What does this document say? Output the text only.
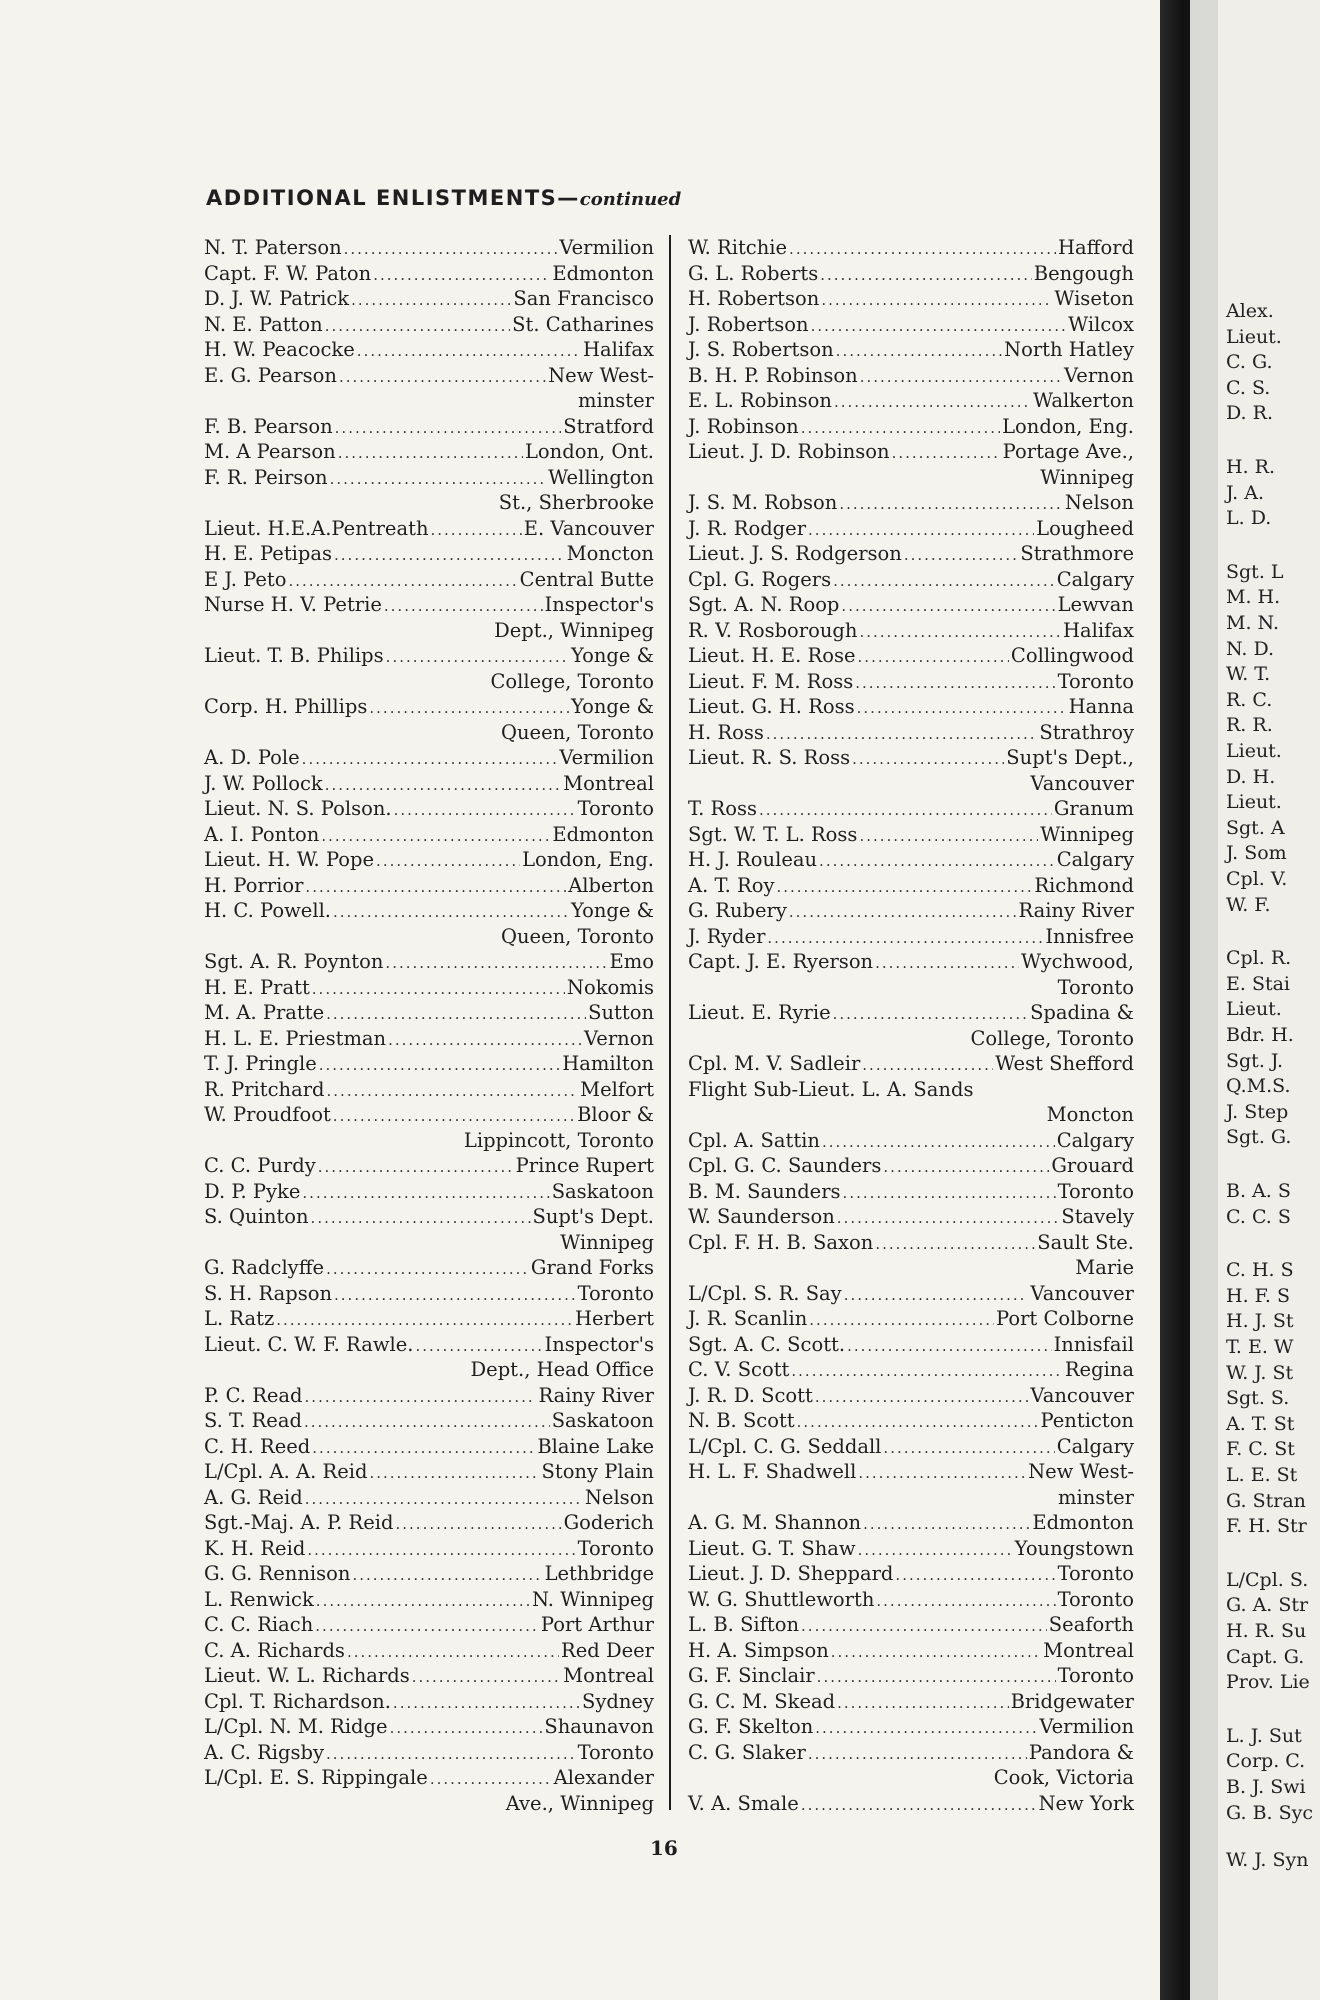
ADDITIONAL ENLISTMENTS—continued
N. T. Paterson .....	Vermilion
Capt. F. W. Paton .....	Edmonton
D. J. W. Patrick .....	San Francisco
N. E. Patton .....	St. Catharines
H. W. Peacocke .....	Halifax
E. G. Pearson .....	New West-
minster
F. B. Pearson .....	Stratford
M. A Pearson .....	London, Ont.
F. R. Peirson .....	Wellington
St., Sherbrooke
Lieut. H.E.A.Pentreath .....	E. Vancouver
H. E. Petipas .....	Moncton
E J. Peto .....	Central Butte
Nurse H. V. Petrie .....	Inspector's
Dept., Winnipeg
Lieut. T. B. Philips .....	Yonge &
College, Toronto
Corp. H. Phillips .....	Yonge &
Queen, Toronto
A. D. Pole .....	Vermilion
J. W. Pollock .....	Montreal
Lieut. N. S. Polson. .....	Toronto
A. I. Ponton .....	Edmonton
Lieut. H. W. Pope .....	London, Eng.
H. Porrior .....	Alberton
H. C. Powell. .....	Yonge &
Queen, Toronto
Sgt. A. R. Poynton .....	Emo
H. E. Pratt .....	Nokomis
M. A. Pratte .....	Sutton
H. L. E. Priestman .....	Vernon
T. J. Pringle .....	Hamilton
R. Pritchard .....	Melfort
W. Proudfoot .....	Bloor &
Lippincott, Toronto
C. C. Purdy .....	Prince Rupert
D. P. Pyke .....	Saskatoon
S. Quinton .....	Supt's Dept.
Winnipeg
G. Radclyffe .....	Grand Forks
S. H. Rapson .....	Toronto
L. Ratz .....	Herbert
Lieut. C. W. F. Rawle. .....	Inspector's
Dept., Head Office
P. C. Read .....	Rainy River
S. T. Read .....	Saskatoon
C. H. Reed .....	Blaine Lake
L/Cpl. A. A. Reid .....	Stony Plain
A. G. Reid .....	Nelson
Sgt.-Maj. A. P. Reid .....	Goderich
K. H. Reid .....	Toronto
G. G. Rennison .....	Lethbridge
L. Renwick .....	N. Winnipeg
C. C. Riach .....	Port Arthur
C. A. Richards .....	Red Deer
Lieut. W. L. Richards .....	Montreal
Cpl. T. Richardson. .....	Sydney
L/Cpl. N. M. Ridge .....	Shaunavon
A. C. Rigsby .....	Toronto
L/Cpl. E. S. Rippingale .....	Alexander
Ave., Winnipeg
W. Ritchie .....	Hafford
G. L. Roberts .....	Bengough
H. Robertson .....	Wiseton
J. Robertson .....	Wilcox
J. S. Robertson .....	North Hatley
B. H. P. Robinson .....	Vernon
E. L. Robinson .....	Walkerton
J. Robinson .....	London, Eng.
Lieut. J. D. Robinson .....	Portage Ave.,
Winnipeg
J. S. M. Robson .....	Nelson
J. R. Rodger .....	Lougheed
Lieut. J. S. Rodgerson .....	Strathmore
Cpl. G. Rogers .....	Calgary
Sgt. A. N. Roop .....	Lewvan
R. V. Rosborough .....	Halifax
Lieut. H. E. Rose .....	Collingwood
Lieut. F. M. Ross .....	Toronto
Lieut. G. H. Ross .....	Hanna
H. Ross .....	Strathroy
Lieut. R. S. Ross .....	Supt's Dept.,
Vancouver
T. Ross .....	Granum
Sgt. W. T. L. Ross .....	Winnipeg
H. J. Rouleau .....	Calgary
A. T. Roy .....	Richmond
G. Rubery .....	Rainy River
J. Ryder .....	Innisfree
Capt. J. E. Ryerson .....	Wychwood,
Toronto
Lieut. E. Ryrie .....	Spadina &
College, Toronto
Cpl. M. V. Sadleir .....	West Shefford
Flight Sub-Lieut. L. A. Sands
Moncton
Cpl. A. Sattin .....	Calgary
Cpl. G. C. Saunders .....	Grouard
B. M. Saunders .....	Toronto
W. Saunderson .....	Stavely
Cpl. F. H. B. Saxon .....	Sault Ste.
Marie
L/Cpl. S. R. Say .....	Vancouver
J. R. Scanlin .....	Port Colborne
Sgt. A. C. Scott. .....	Innisfail
C. V. Scott .....	Regina
J. R. D. Scott .....	Vancouver
N. B. Scott .....	Penticton
L/Cpl. C. G. Seddall .....	Calgary
H. L. F. Shadwell .....	New West-
minster
A. G. M. Shannon .....	Edmonton
Lieut. G. T. Shaw .....	Youngstown
Lieut. J. D. Sheppard .....	Toronto
W. G. Shuttleworth .....	Toronto
L. B. Sifton .....	Seaforth
H. A. Simpson .....	Montreal
G. F. Sinclair .....	Toronto
G. C. M. Skead .....	Bridgewater
G. F. Skelton .....	Vermilion
C. G. Slaker .....	Pandora &
Cook, Victoria
V. A. Smale .....	New York
16
Alex.
Lieut.
C. G.
C. S.
D. R.
H. R.
J. A.
L. D.
Sgt. L
M. H.
M. N.
N. D.
W. T.
R. C.
R. R.
Lieut.
D. H.
Lieut.
Sgt. A
J. Som
Cpl. V.
W. F.
Cpl. R.
E. Stai
Lieut.
Bdr. H.
Sgt. J.
Q.M.S.
J. Step
Sgt. G.
B. A. S
C. C. S
C. H. S
H. F. S
H. J. St
T. E. W
W. J. St
Sgt. S.
A. T. St
F. C. St
L. E. St
G. Stran
F. H. Str
L/Cpl. S.
G. A. Str
H. R. Su
Capt. G.
Prov. Lie
L. J. Sut
Corp. C.
B. J. Swi
G. B. Syc
W. J. Syn
